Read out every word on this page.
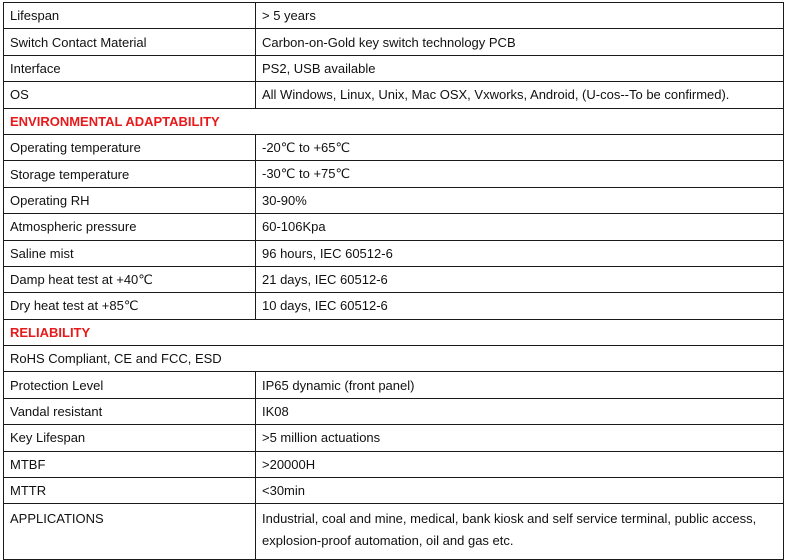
Lifespan	> 5 years
Switch Contact Material	Carbon-on-Gold key switch technology PCB
Interface	PS2, USB available
OS	All Windows, Linux, Unix, Mac OSX, Vxworks, Android, (U-cos--To be confirmed).
ENVIRONMENTAL ADAPTABILITY	
Operating temperature	-20℃ to +65℃
Storage temperature	-30℃ to +75℃
Operating RH	30-90%
Atmospheric pressure	60-106Kpa
Saline mist	96 hours, IEC 60512-6
Damp heat test at +40℃	21 days, IEC 60512-6
Dry heat test at +85℃	10 days, IEC 60512-6
RELIABILITY	
RoHS Compliant, CE and FCC, ESD	
Protection Level	IP65 dynamic (front panel)
Vandal resistant	IK08
Key Lifespan	>5 million actuations
MTBF	>20000H
MTTR	<30min
APPLICATIONS	Industrial, coal and mine, medical, bank kiosk and self service terminal, public access,
explosion-proof automation, oil and gas etc.
